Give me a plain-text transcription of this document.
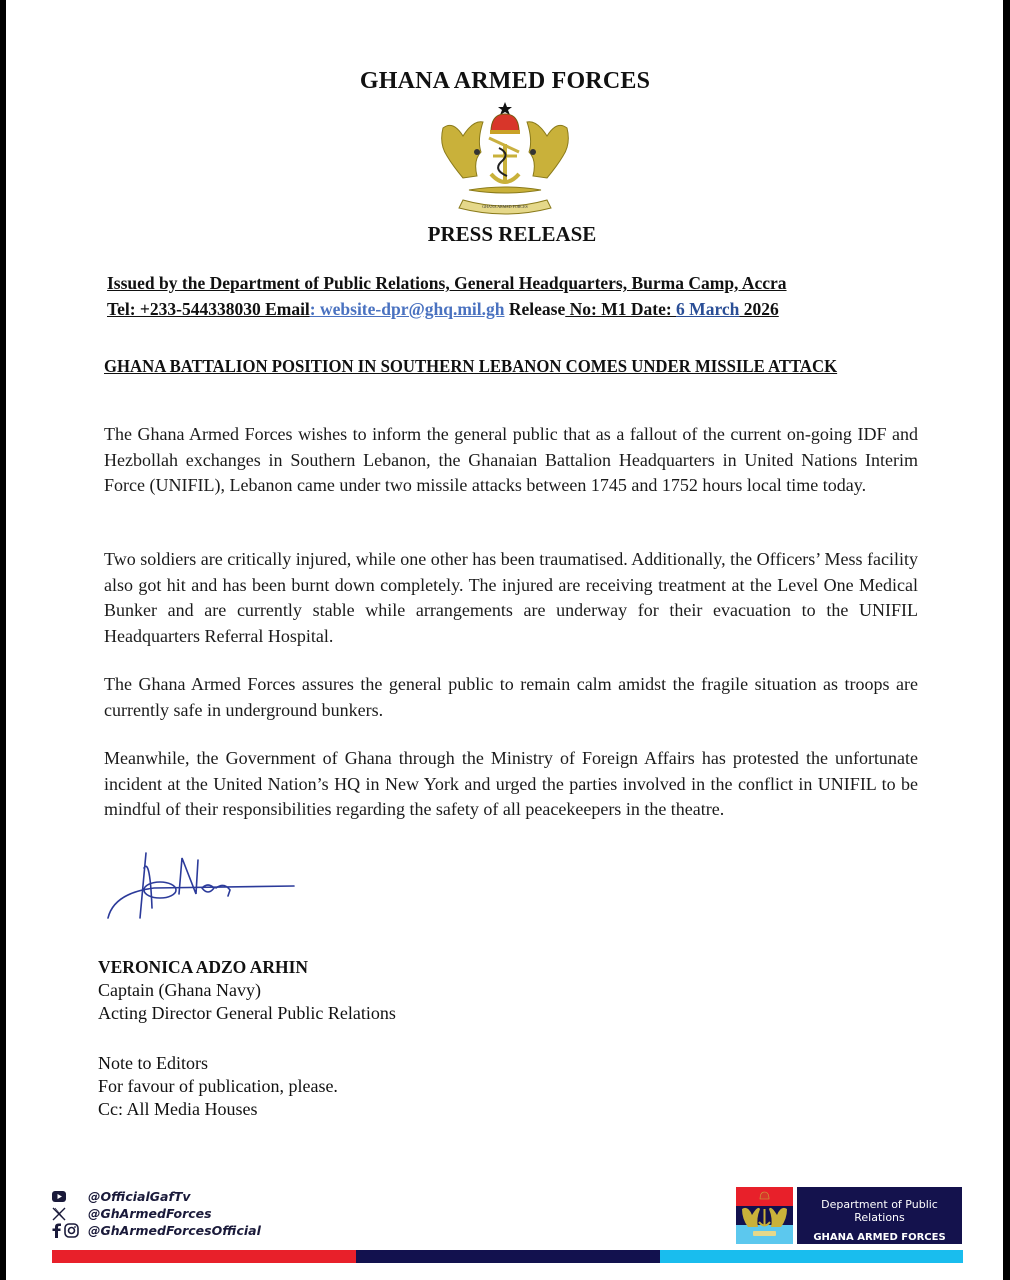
GHANA ARMED FORCES
GHANA ARMED FORCES
PRESS RELEASE
Issued by the Department of Public Relations, General Headquarters, Burma Camp, Accra
Tel: +233-544338030 Email: website-dpr@ghq.mil.gh Release No: M1 Date: 6 March 2026
GHANA BATTALION POSITION IN SOUTHERN LEBANON COMES UNDER MISSILE ATTACK
The Ghana Armed Forces wishes to inform the general public that as a fallout of the current on-going IDF and Hezbollah exchanges in Southern Lebanon, the Ghanaian Battalion Headquarters in United Nations Interim Force (UNIFIL), Lebanon came under two missile attacks between 1745 and 1752 hours local time today.
Two soldiers are critically injured, while one other has been traumatised. Additionally, the Officers’ Mess facility also got hit and has been burnt down completely. The injured are receiving treatment at the Level One Medical Bunker and are currently stable while arrangements are underway for their evacuation to the UNIFIL Headquarters Referral Hospital.
The Ghana Armed Forces assures the general public to remain calm amidst the fragile situation as troops are currently safe in underground bunkers.
Meanwhile, the Government of Ghana through the Ministry of Foreign Affairs has protested the unfortunate incident at the United Nation’s HQ in New York and urged the parties involved in the conflict in UNIFIL to be mindful of their responsibilities regarding the safety of all peacekeepers in the theatre.
VERONICA ADZO ARHIN
Captain (Ghana Navy)
Acting Director General Public Relations
Note to Editors
For favour of publication, please.
Cc: All Media Houses
@OfficialGafTv
@GhArmedForces
@GhArmedForcesOfficial
Department of Public Relations
GHANA ARMED FORCES
